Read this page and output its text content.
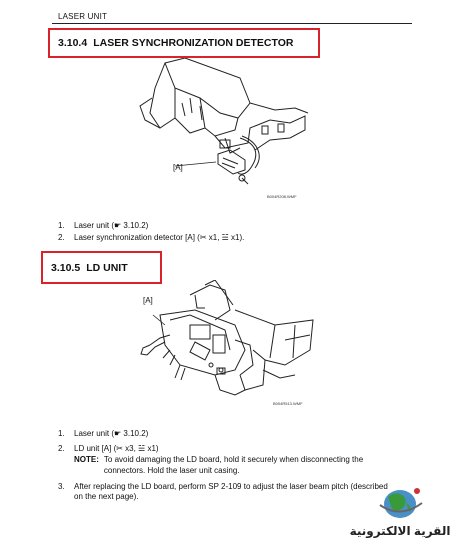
LASER UNIT
3.10.4 LASER SYNCHRONIZATION DETECTOR
[A]
B004R208.WMF
1. Laser unit (☛ 3.10.2)
2. Laser synchronization detector [A] (✂ x1, ☱ x1).
3.10.5 LD UNIT
[A]
B004R513.WMF
1. Laser unit (☛ 3.10.2)
2. LD unit [A] (✂ x3, ☱ x1)
NOTE: To avoid damaging the LD board, hold it securely when disconnecting the connectors. Hold the laser unit casing.
3. After replacing the LD board, perform SP 2-109 to adjust the laser beam pitch (described on the next page).
القرية الالكترونية
